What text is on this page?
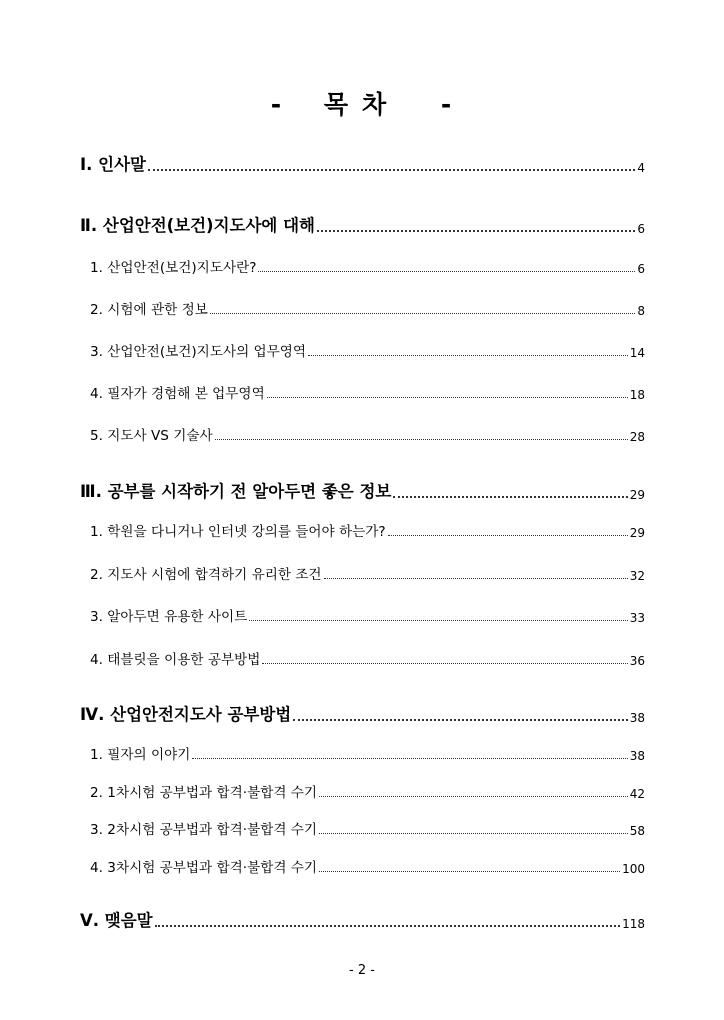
- 목차 -
Ⅰ. 인사말	4
Ⅱ. 산업안전(보건)지도사에 대해	6
1. 산업안전(보건)지도사란?	6
2. 시험에 관한 정보	8
3. 산업안전(보건)지도사의 업무영역	14
4. 필자가 경험해 본 업무영역	18
5. 지도사 VS 기술사	28
Ⅲ. 공부를 시작하기 전 알아두면 좋은 정보	29
1. 학원을 다니거나 인터넷 강의를 들어야 하는가?	29
2. 지도사 시험에 합격하기 유리한 조건	32
3. 알아두면 유용한 사이트	33
4. 태블릿을 이용한 공부방법	36
Ⅳ. 산업안전지도사 공부방법	38
1. 필자의 이야기	38
2. 1차시험 공부법과 합격·불합격 수기	42
3. 2차시험 공부법과 합격·불합격 수기	58
4. 3차시험 공부법과 합격·불합격 수기	100
Ⅴ. 맺음말	118
- 2 -
